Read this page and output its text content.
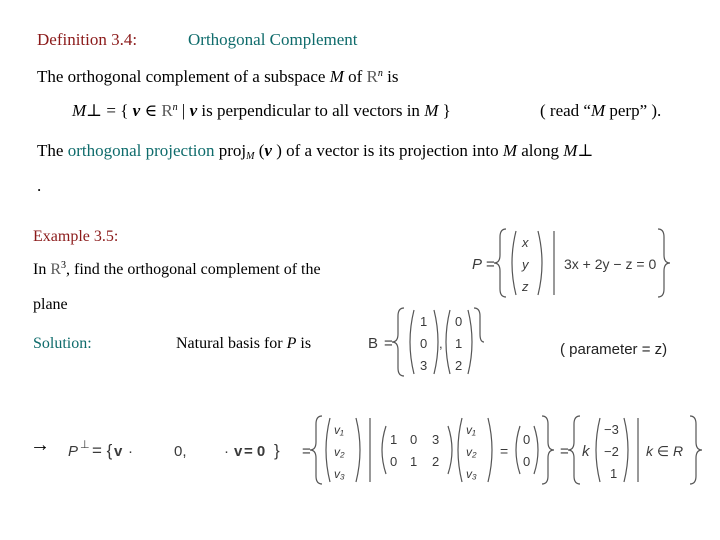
Definition 3.4:	Orthogonal Complement
The orthogonal complement of a subspace M of $R^n$ is
M⊥ = { v ∈ $R^n$ | v is perpendicular to all vectors in M }	( read “M perp” ).
The orthogonal projection proj$_M$ (v ) of a vector is its projection into M along M⊥
.
Example 3.5:
In $R^3$, find the orthogonal complement of the
plane
P =
x
y
z
3x + 2y − z = 0
Solution:	Natural basis for P is	B =
1
0
3
,
0
1
2
( parameter = z)
→ P ⊥ = { v ·	0, · v = 0 } =
v₁
v₂
v₃
1 0 3
0 1 2
v₁
v₂
v₃
=
0
0
= k
−3
−2
1
k ∈ R
